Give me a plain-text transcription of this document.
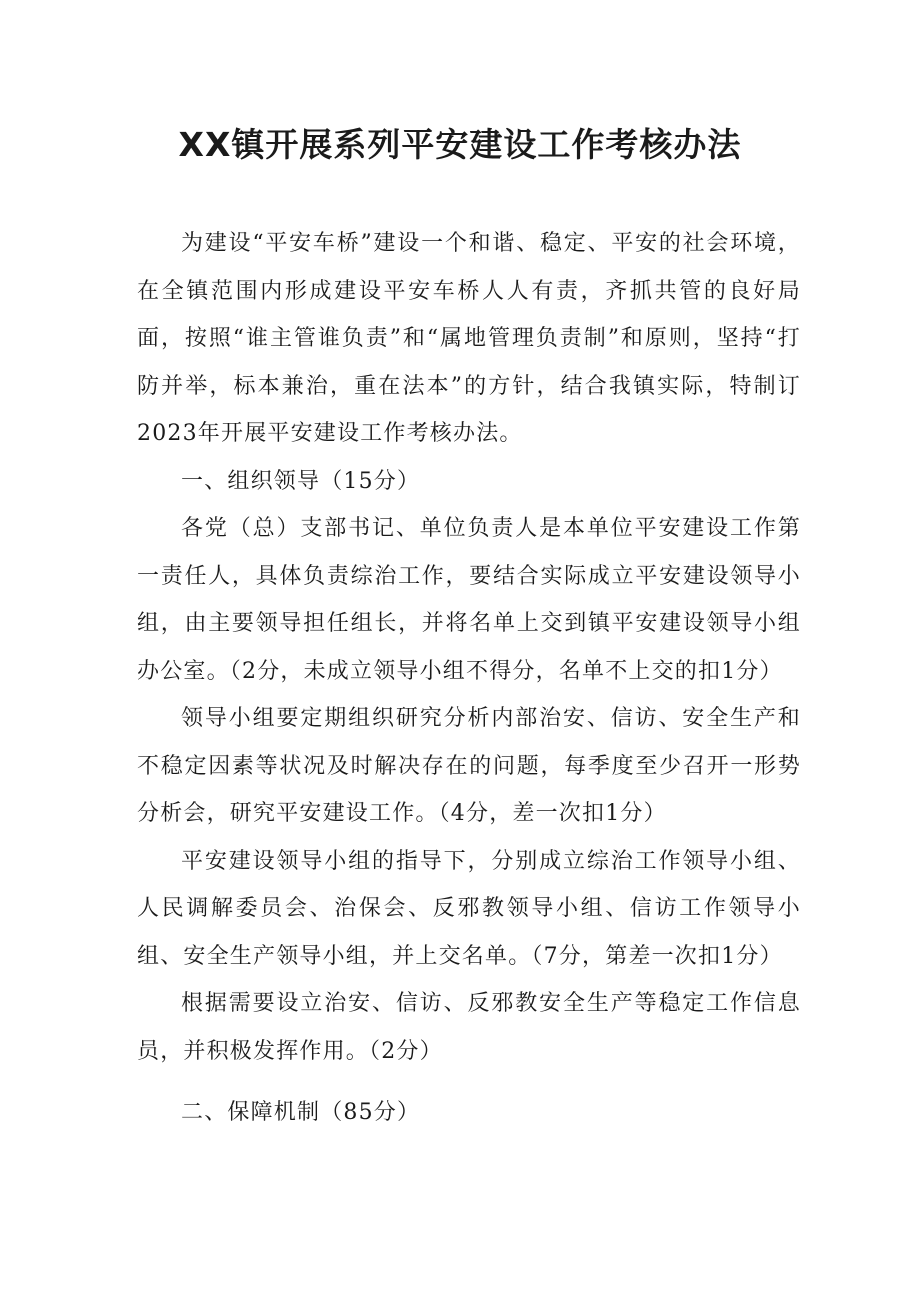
XX镇开展系列平安建设工作考核办法

为建设“平安车桥”建设一个和谐、稳定、平安的社会环境，在全镇范围内形成建设平安车桥人人有责，齐抓共管的良好局面，按照“谁主管谁负责”和“属地管理负责制”和原则，坚持“打防并举，标本兼治，重在法本”的方针，结合我镇实际，特制订2023年开展平安建设工作考核办法。

一、组织领导（15分）

各党（总）支部书记、单位负责人是本单位平安建设工作第一责任人，具体负责综治工作，要结合实际成立平安建设领导小组，由主要领导担任组长，并将名单上交到镇平安建设领导小组办公室。（2分，未成立领导小组不得分，名单不上交的扣1分）

领导小组要定期组织研究分析内部治安、信访、安全生产和不稳定因素等状况及时解决存在的问题，每季度至少召开一形势分析会，研究平安建设工作。（4分，差一次扣1分）

平安建设领导小组的指导下，分别成立综治工作领导小组、人民调解委员会、治保会、反邪教领导小组、信访工作领导小组、安全生产领导小组，并上交名单。（7分，第差一次扣1分）

根据需要设立治安、信访、反邪教安全生产等稳定工作信息员，并积极发挥作用。（2分）

二、保障机制（85分）
